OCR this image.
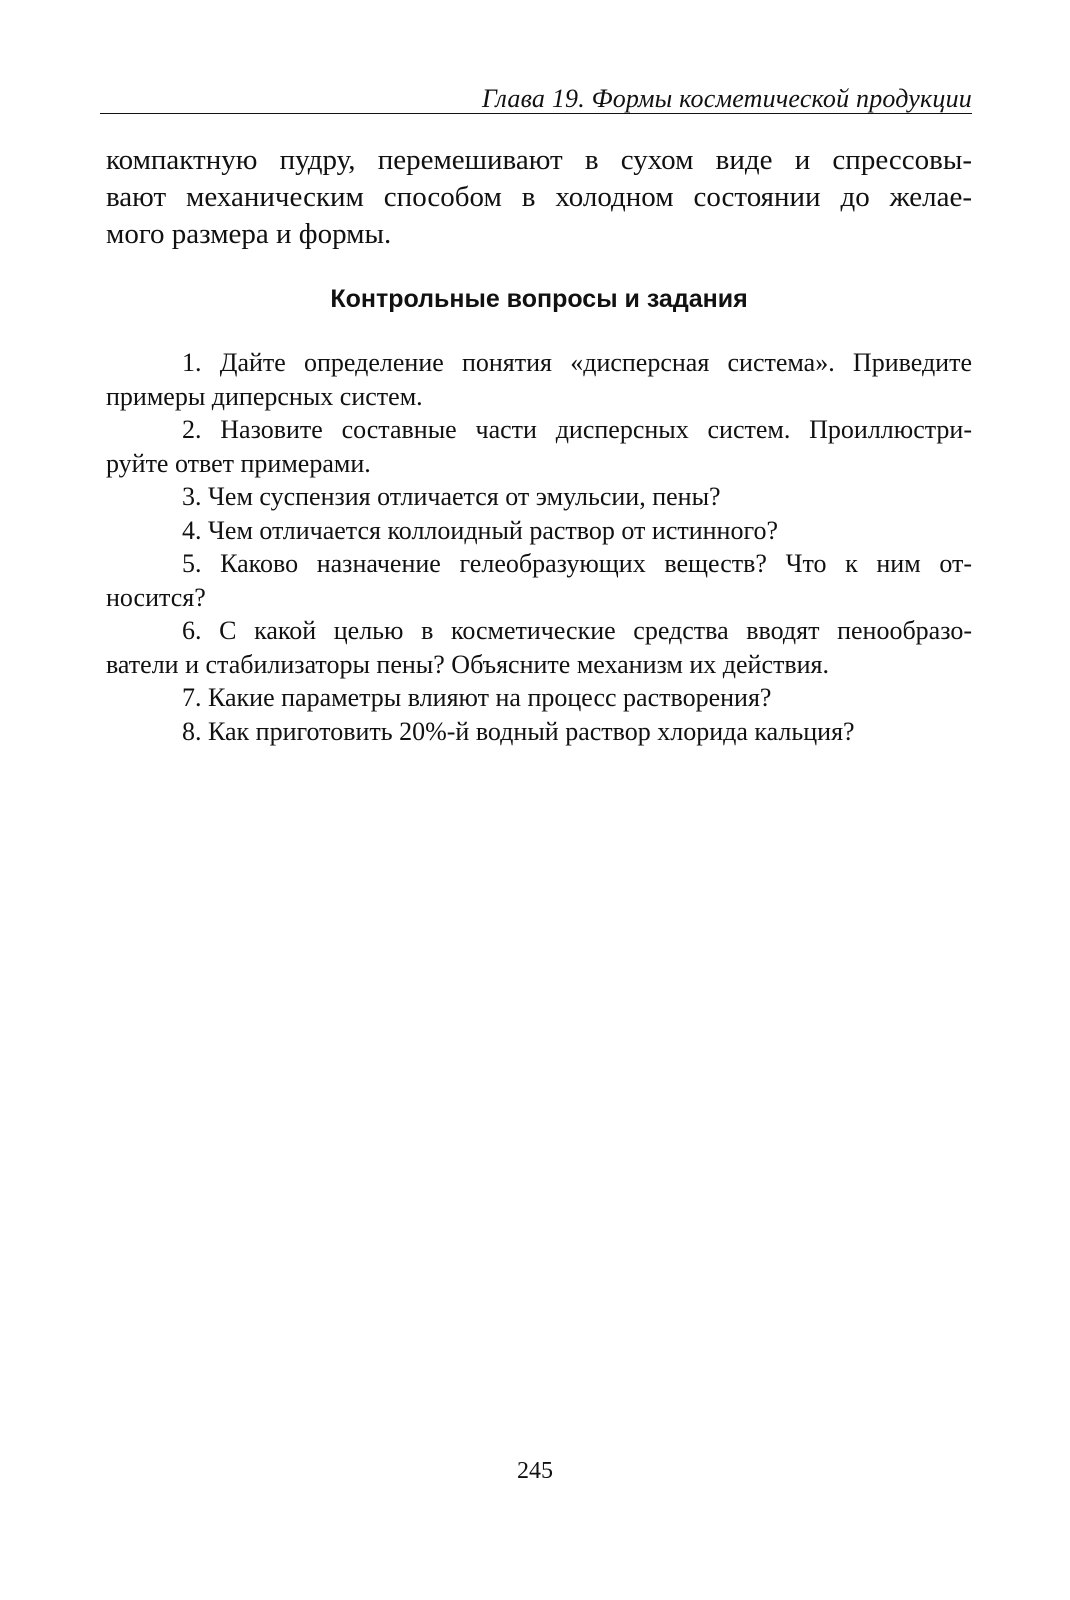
Глава 19. Формы косметической продукции

компактную пудру, перемешивают в сухом виде и спрессовы-
вают механическим способом в холодном состоянии до желае-
мого размера и формы.

Контрольные вопросы и задания
1. Дайте определение понятия «дисперсная система». Приведите
примеры диперсных систем.
2. Назовите составные части дисперсных систем. Проиллюстри-
руйте ответ примерами.
3. Чем суспензия отличается от эмульсии, пены?
4. Чем отличается коллоидный раствор от истинного?
5. Каково назначение гелеобразующих веществ? Что к ним от-
носится?
6. С какой целью в косметические средства вводят пенообразо-
ватели и стабилизаторы пены? Объясните механизм их действия.
7. Какие параметры влияют на процесс растворения?
8. Как приготовить 20%-й водный раствор хлорида кальция?
245
